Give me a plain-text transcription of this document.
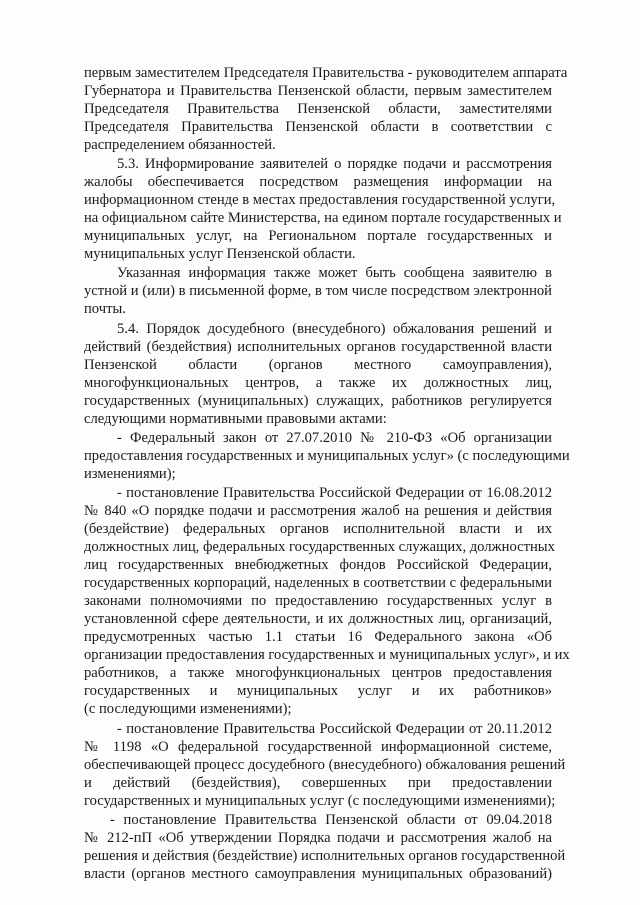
первым заместителем Председателя Правительства - руководителем аппарата
Губернатора и Правительства Пензенской области, первым заместителем
Председателя Правительства Пензенской области, заместителями
Председателя Правительства Пензенской области в соответствии с
распределением обязанностей.
5.3. Информирование заявителей о порядке подачи и рассмотрения
жалобы обеспечивается посредством размещения информации на
информационном стенде в местах предоставления государственной услуги,
на официальном сайте Министерства, на едином портале государственных и
муниципальных услуг, на Региональном портале государственных и
муниципальных услуг Пензенской области.
Указанная информация также может быть сообщена заявителю в
устной и (или) в письменной форме, в том числе посредством электронной
почты.
5.4. Порядок досудебного (внесудебного) обжалования решений и
действий (бездействия) исполнительных органов государственной власти
Пензенской области (органов местного самоуправления),
многофункциональных центров, а также их должностных лиц,
государственных (муниципальных) служащих, работников регулируется
следующими нормативными правовыми актами:
- Федеральный закон от 27.07.2010 № 210-ФЗ «Об организации
предоставления государственных и муниципальных услуг» (с последующими
изменениями);
- постановление Правительства Российской Федерации от 16.08.2012
№ 840 «О порядке подачи и рассмотрения жалоб на решения и действия
(бездействие) федеральных органов исполнительной власти и их
должностных лиц, федеральных государственных служащих, должностных
лиц государственных внебюджетных фондов Российской Федерации,
государственных корпораций, наделенных в соответствии с федеральными
законами полномочиями по предоставлению государственных услуг в
установленной сфере деятельности, и их должностных лиц, организаций,
предусмотренных частью 1.1 статьи 16 Федерального закона «Об
организации предоставления государственных и муниципальных услуг», и их
работников, а также многофункциональных центров предоставления
государственных и муниципальных услуг и их работников»
(с последующими изменениями);
- постановление Правительства Российской Федерации от 20.11.2012
№ 1198 «О федеральной государственной информационной системе,
обеспечивающей процесс досудебного (внесудебного) обжалования решений
и действий (бездействия), совершенных при предоставлении
государственных и муниципальных услуг (с последующими изменениями);
- постановление Правительства Пензенской области от 09.04.2018
№ 212-пП «Об утверждении Порядка подачи и рассмотрения жалоб на
решения и действия (бездействие) исполнительных органов государственной
власти (органов местного самоуправления муниципальных образований)
